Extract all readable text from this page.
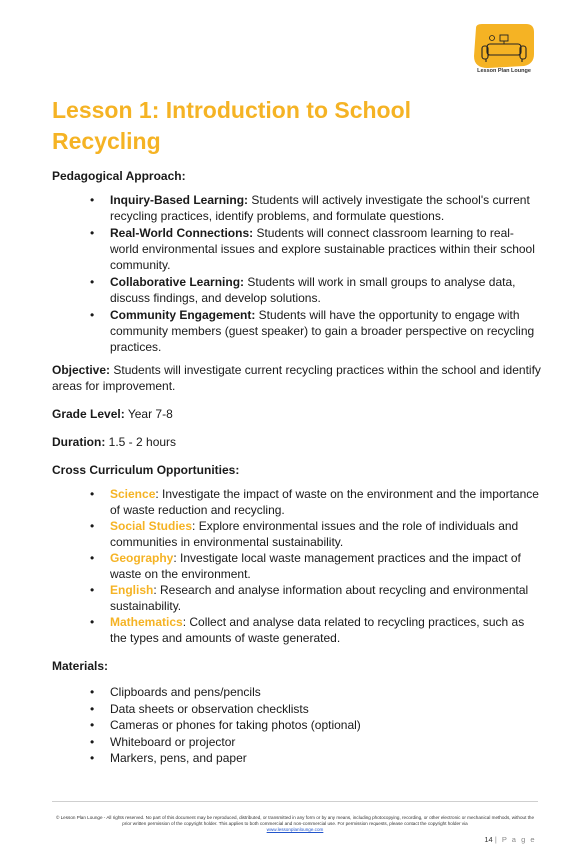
Lesson Plan Lounge
Lesson 1: Introduction to School Recycling

Pedagogical Approach:

• Inquiry-Based Learning: Students will actively investigate the school's current recycling practices, identify problems, and formulate questions.
• Real-World Connections: Students will connect classroom learning to real-world environmental issues and explore sustainable practices within their school community.
• Collaborative Learning: Students will work in small groups to analyse data, discuss findings, and develop solutions.
• Community Engagement: Students will have the opportunity to engage with community members (guest speaker) to gain a broader perspective on recycling practices.

Objective: Students will investigate current recycling practices within the school and identify areas for improvement.

Grade Level: Year 7-8

Duration: 1.5 - 2 hours

Cross Curriculum Opportunities:

• Science: Investigate the impact of waste on the environment and the importance of waste reduction and recycling.
• Social Studies: Explore environmental issues and the role of individuals and communities in environmental sustainability.
• Geography: Investigate local waste management practices and the impact of waste on the environment.
• English: Research and analyse information about recycling and environmental sustainability.
• Mathematics: Collect and analyse data related to recycling practices, such as the types and amounts of waste generated.

Materials:

• Clipboards and pens/pencils
• Data sheets or observation checklists
• Cameras or phones for taking photos (optional)
• Whiteboard or projector
• Markers, pens, and paper
© Lesson Plan Lounge - All rights reserved. No part of this document may be reproduced, distributed, or transmitted in any form or by any means, including photocopying, recording, or other electronic or mechanical methods, without the prior written permission of the copyright holder. This applies to both commercial and non-commercial use. For permission requests, please contact the copyright holder via
www.lessonplanlounge.com
14 | P a g e
